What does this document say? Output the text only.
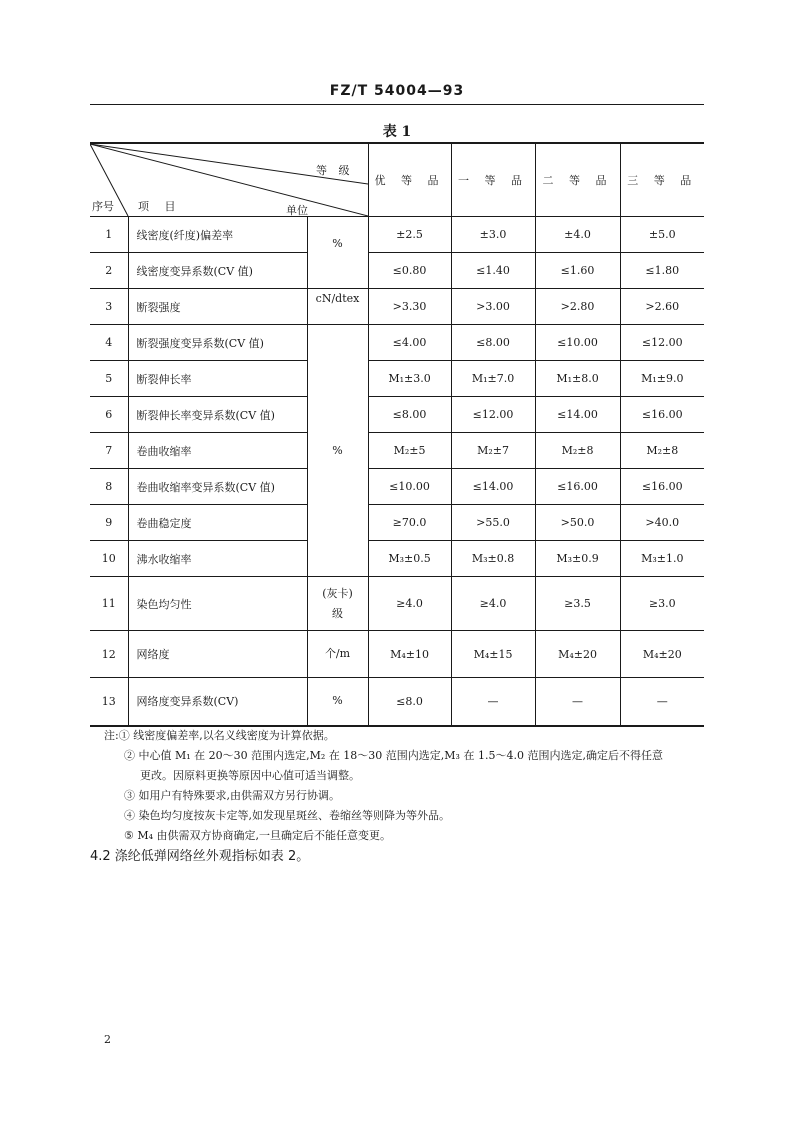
FZ/T 54004—93
表 1
等 级
序号 项 目 单位			优 等 品	一 等 品	二 等 品	三 等 品
1	线密度(纤度)偏差率	%	±2.5	±3.0	±4.0	±5.0
2	线密度变异系数(CV 值)		≤0.80	≤1.40	≤1.60	≤1.80
3	断裂强度	cN/dtex	>3.30	>3.00	>2.80	>2.60
4	断裂强度变异系数(CV 值)	%	≤4.00	≤8.00	≤10.00	≤12.00
5	断裂伸长率		M₁±3.0	M₁±7.0	M₁±8.0	M₁±9.0
6	断裂伸长率变异系数(CV 值)		≤8.00	≤12.00	≤14.00	≤16.00
7	卷曲收缩率		M₂±5	M₂±7	M₂±8	M₂±8
8	卷曲收缩率变异系数(CV 值)		≤10.00	≤14.00	≤16.00	≤16.00
9	卷曲稳定度		≥70.0	>55.0	>50.0	>40.0
10	沸水收缩率		M₃±0.5	M₃±0.8	M₃±0.9	M₃±1.0
11	染色均匀性	(灰卡)
级	≥4.0	≥4.0	≥3.5	≥3.0
12	网络度	个/m	M₄±10	M₄±15	M₄±20	M₄±20
13	网络度变异系数(CV)	%	≤8.0	—	—	—
注:① 线密度偏差率,以名义线密度为计算依据。
② 中心值 M₁ 在 20～30 范围内选定,M₂ 在 18～30 范围内选定,M₃ 在 1.5～4.0 范围内选定,确定后不得任意
更改。因原料更换等原因中心值可适当调整。
③ 如用户有特殊要求,由供需双方另行协调。
④ 染色均匀度按灰卡定等,如发现星斑丝、卷缩丝等则降为等外品。
⑤ M₄ 由供需双方协商确定,一旦确定后不能任意变更。
4.2 涤纶低弹网络丝外观指标如表 2。
2
